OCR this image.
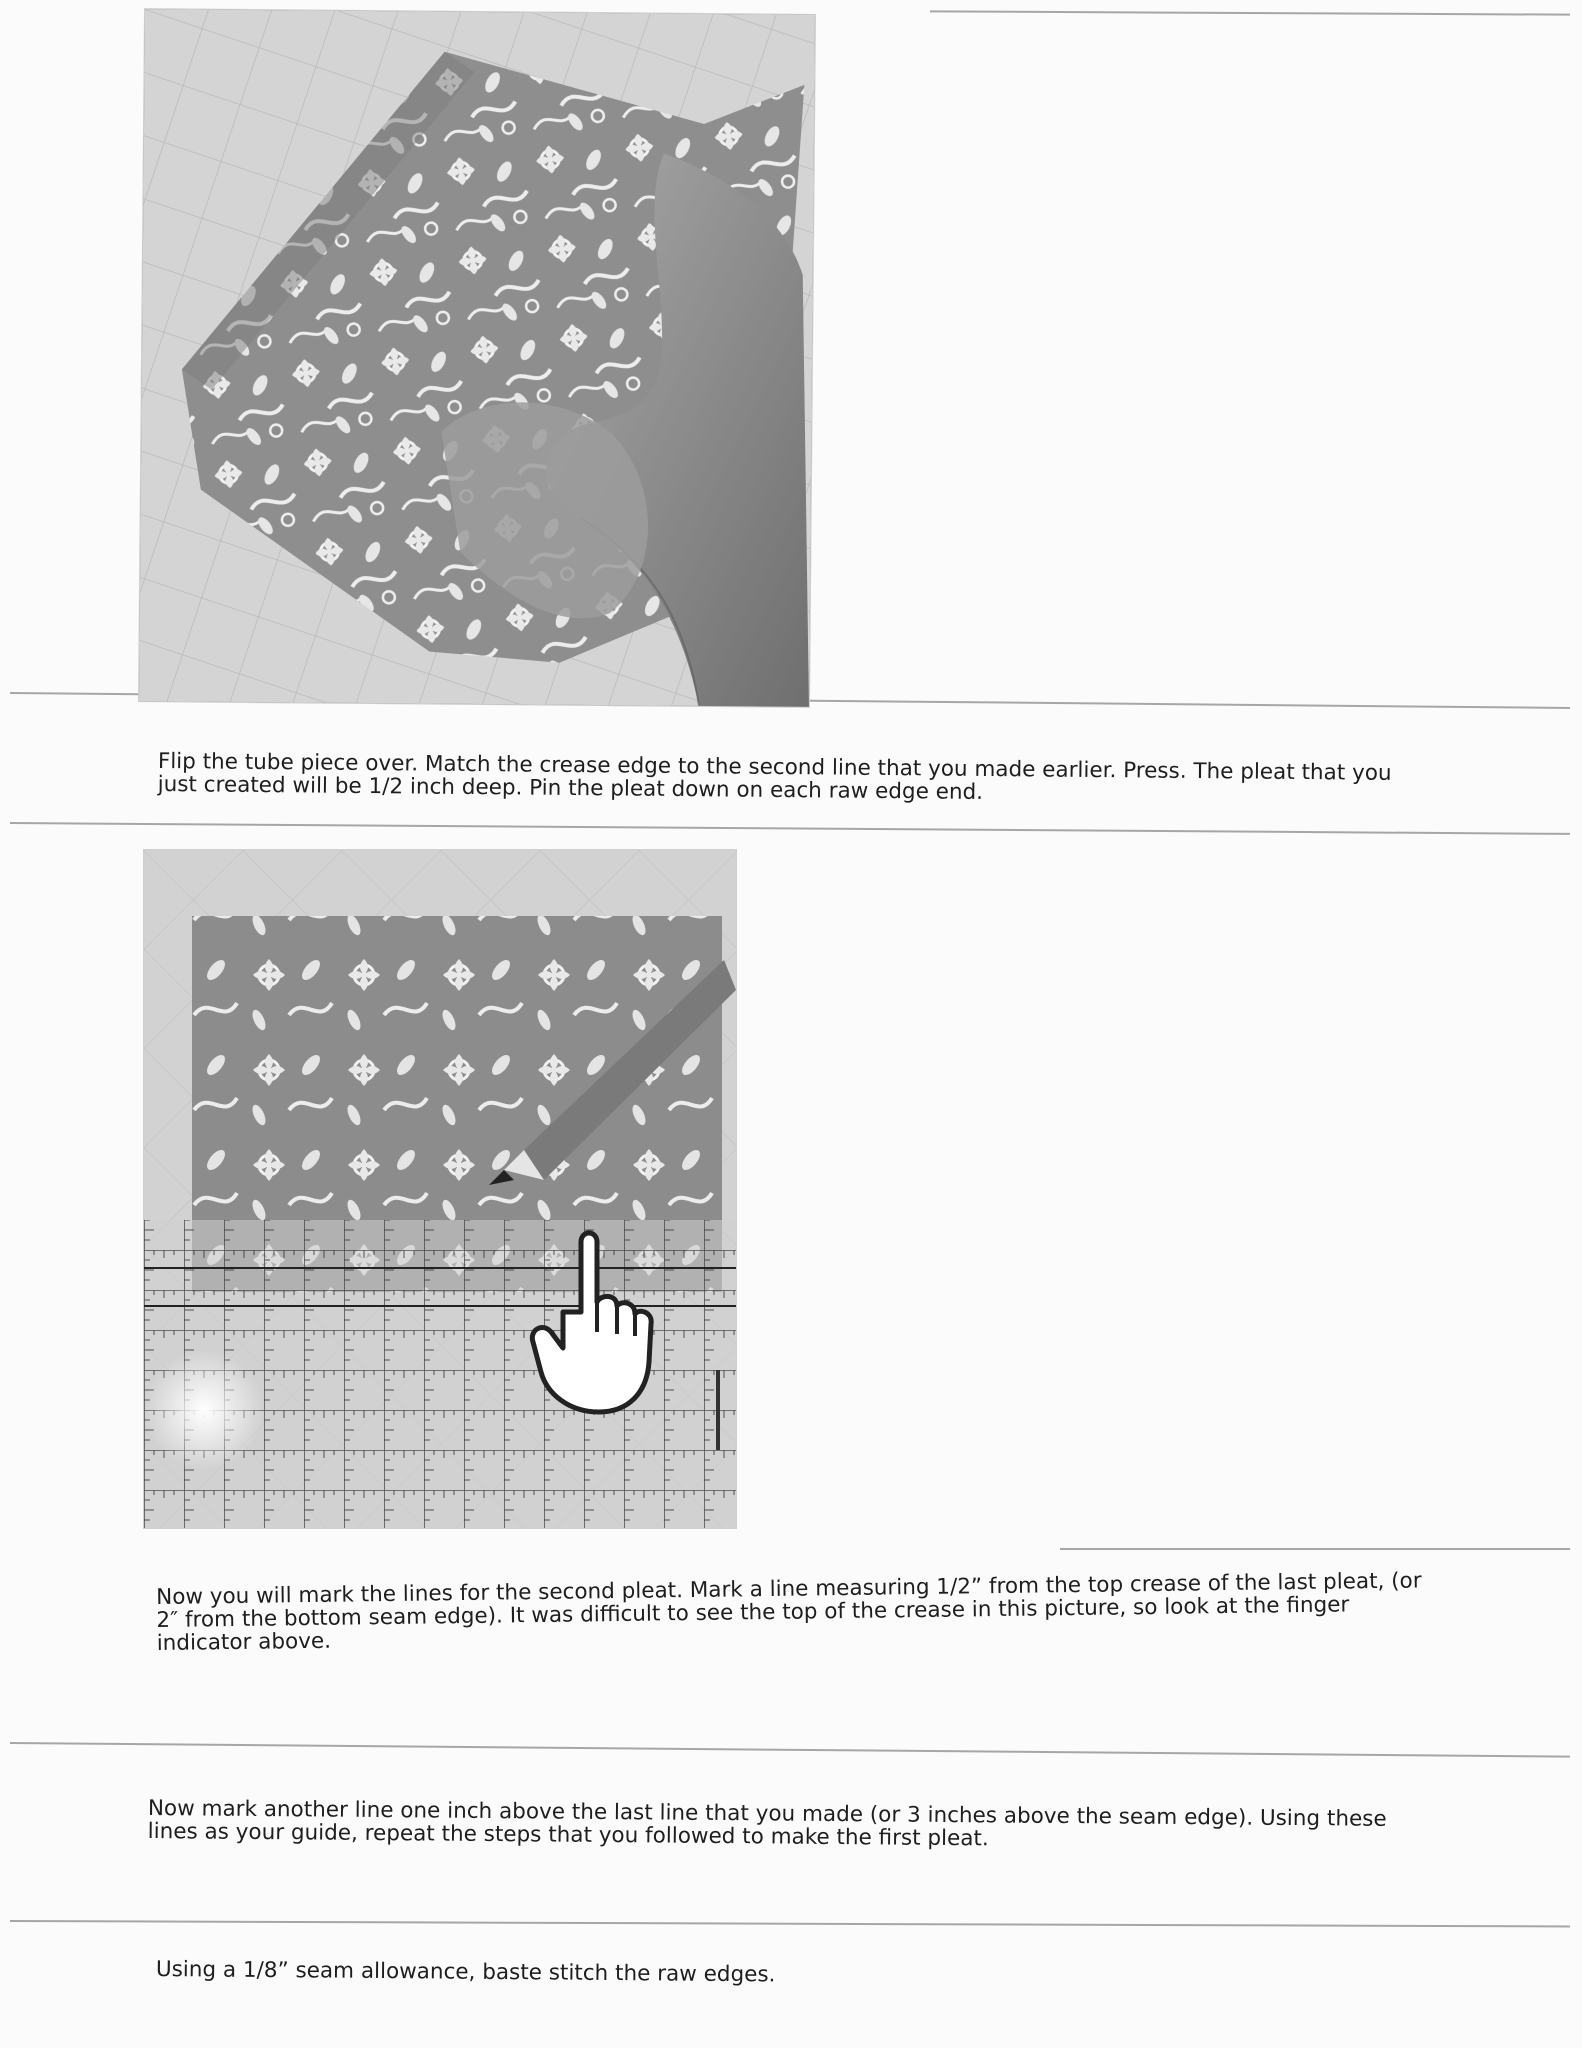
Flip the tube piece over. Match the crease edge to the second line that you made earlier. Press. The pleat that you
just created will be 1/2 inch deep. Pin the pleat down on each raw edge end.

Now you will mark the lines for the second pleat. Mark a line measuring 1/2” from the top crease of the last pleat, (or
2″ from the bottom seam edge). It was difficult to see the top of the crease in this picture, so look at the finger
indicator above.

Now mark another line one inch above the last line that you made (or 3 inches above the seam edge). Using these
lines as your guide, repeat the steps that you followed to make the first pleat.

Using a 1/8” seam allowance, baste stitch the raw edges.
